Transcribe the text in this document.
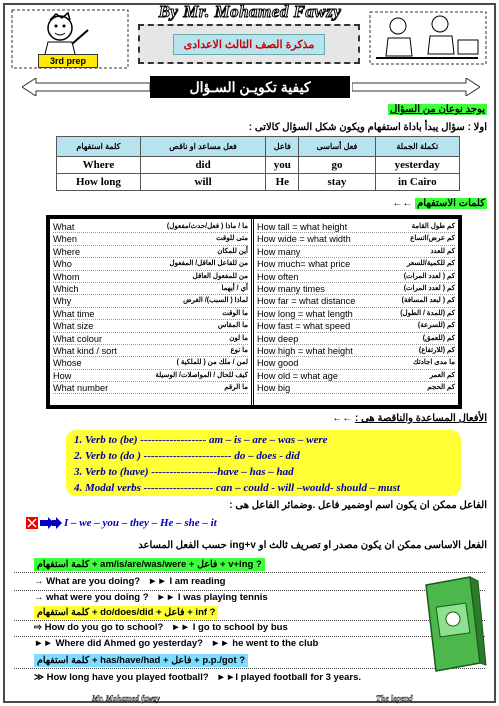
By Mr. Mohamed Fawzy
3rd prep
مذكرة الصف الثالث الاعدادى
كيفية تكويـن السـؤال
يوجد نوعان من السؤال
اولا : سؤال يبدأ باداة استفهام ويكون شكل السؤال كالاتى :
كلمة استفهام	فعل مساعد او ناقص	فاعل	فعل أساسى	تكملة الجملة
Where	did	you	go	yesterday
How long	will	He	stay	in Cairo
كلمات الاستفهام ←←
What	ما / ماذا ( فعل/حدث/مفعول)
When	متى للوقت
Where	أين للمكان
Who	من للفاعل العاقل/ المفعول
Whom	من للمفعول العاقل
Which	أي / أيهما
Why	لماذا ( السبب)/ الغرض
What time	ما الوقت
What size	ما المقاس
What colour	ما لون
What kind / sort	ما نوع
Whose	لمن / ملك من ( للملكية )
How	كيف للحال / المواصلات/ الوسيلة
What number	ما الرقم
How tall = what height	كم طول القامة
How wide = what width	كم عرض/اتساع
How many	كم للعدد
How much= what price	كم للكمية/للسعر
How often	كم ( لعدد المرات)
How many times	كم ( لعدد المرات)
How far = what distance	كم ( لبعد المسافة)
How long = what length	كم (للمدة / الطول)
How fast = what speed	كم (للسرعة)
How deep	كم (للعمق)
How high = what height	كم (للارتفاع)
How good	ما مدى اجادتك
How old = what age	كم العمر
How big	كم الحجم
الأفعال المساعدة والناقصة هى : ←←
1. Verb to (be) ------------------ am – is – are – was – were
2. Verb to (do ) ------------------------ do – does - did
3. Verb to (have) ------------------have – has – had
4. Modal verbs ------------------- can – could - will –would- should – must
الفاعل ممكن ان يكون اسم اوضمير فاعل .وضمائر الفاعل هى :
I – we – you – they – He – she – it
الفعل الاساسى ممكن ان يكون مصدر او تصريف ثالث او ing+v حسب الفعل المساعد
كلمة استفهام + am/is/are/was/were + فاعل + v+ing ?
→ What are you doing?   ►► I am reading
→ what were you doing ?   ►► I was playing tennis
كلمة استفهام + do/does/did + فاعل + inf ?
⇨ How do you go to school?   ►► I go to school by bus
►► Where did Ahmed go yesterday?   ►► he went to the club
كلمة استفهام + has/have/had + فاعل + p.p./got ?
≫ How long have you played football?   ►►I played football for 3 years.
Mr. Mohamed fawzy	The legend
